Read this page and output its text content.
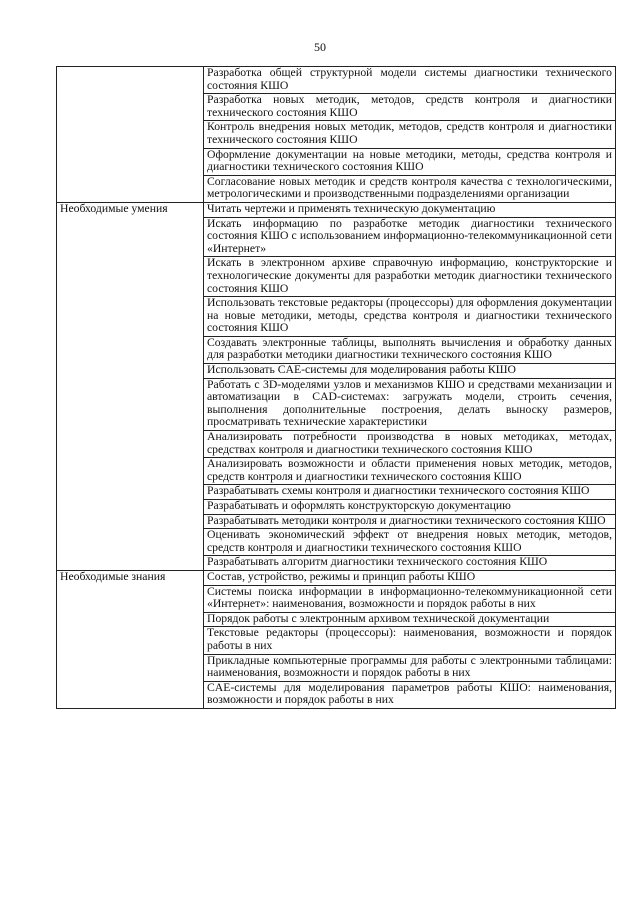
50
	Разработка общей структурной модели системы диагностики технического состояния КШО
	Разработка новых методик, методов, средств контроля и диагностики технического состояния КШО
	Контроль внедрения новых методик, методов, средств контроля и диагностики технического состояния КШО
	Оформление документации на новые методики, методы, средства контроля и диагностики технического состояния КШО
	Согласование новых методик и средств контроля качества с технологическими, метрологическими и производственными подразделениями организации
Необходимые умения	Читать чертежи и применять техническую документацию
	Искать информацию по разработке методик диагностики технического состояния КШО с использованием информационно-телекоммуникационной сети «Интернет»
	Искать в электронном архиве справочную информацию, конструкторские и технологические документы для разработки методик диагностики технического состояния КШО
	Использовать текстовые редакторы (процессоры) для оформления документации на новые методики, методы, средства контроля и диагностики технического состояния КШО
	Создавать электронные таблицы, выполнять вычисления и обработку данных для разработки методики диагностики технического состояния КШО
	Использовать CAE-системы для моделирования работы КШО
	Работать с 3D-моделями узлов и механизмов КШО и средствами механизации и автоматизации в CAD-системах: загружать модели, строить сечения, выполнения дополнительные построения, делать выноску размеров, просматривать технические характеристики
	Анализировать потребности производства в новых методиках, методах, средствах контроля и диагностики технического состояния КШО
	Анализировать возможности и области применения новых методик, методов, средств контроля и диагностики технического состояния КШО
	Разрабатывать схемы контроля и диагностики технического состояния КШО
	Разрабатывать и оформлять конструкторскую документацию
	Разрабатывать методики контроля и диагностики технического состояния КШО
	Оценивать экономический эффект от внедрения новых методик, методов, средств контроля и диагностики технического состояния КШО
	Разрабатывать алгоритм диагностики технического состояния КШО
Необходимые знания	Состав, устройство, режимы и принцип работы КШО
	Системы поиска информации в информационно-телекоммуникационной сети «Интернет»: наименования, возможности и порядок работы в них
	Порядок работы с электронным архивом технической документации
	Текстовые редакторы (процессоры): наименования, возможности и порядок работы в них
	Прикладные компьютерные программы для работы с электронными таблицами: наименования, возможности и порядок работы в них
	CAE-системы для моделирования параметров работы КШО: наименования, возможности и порядок работы в них
